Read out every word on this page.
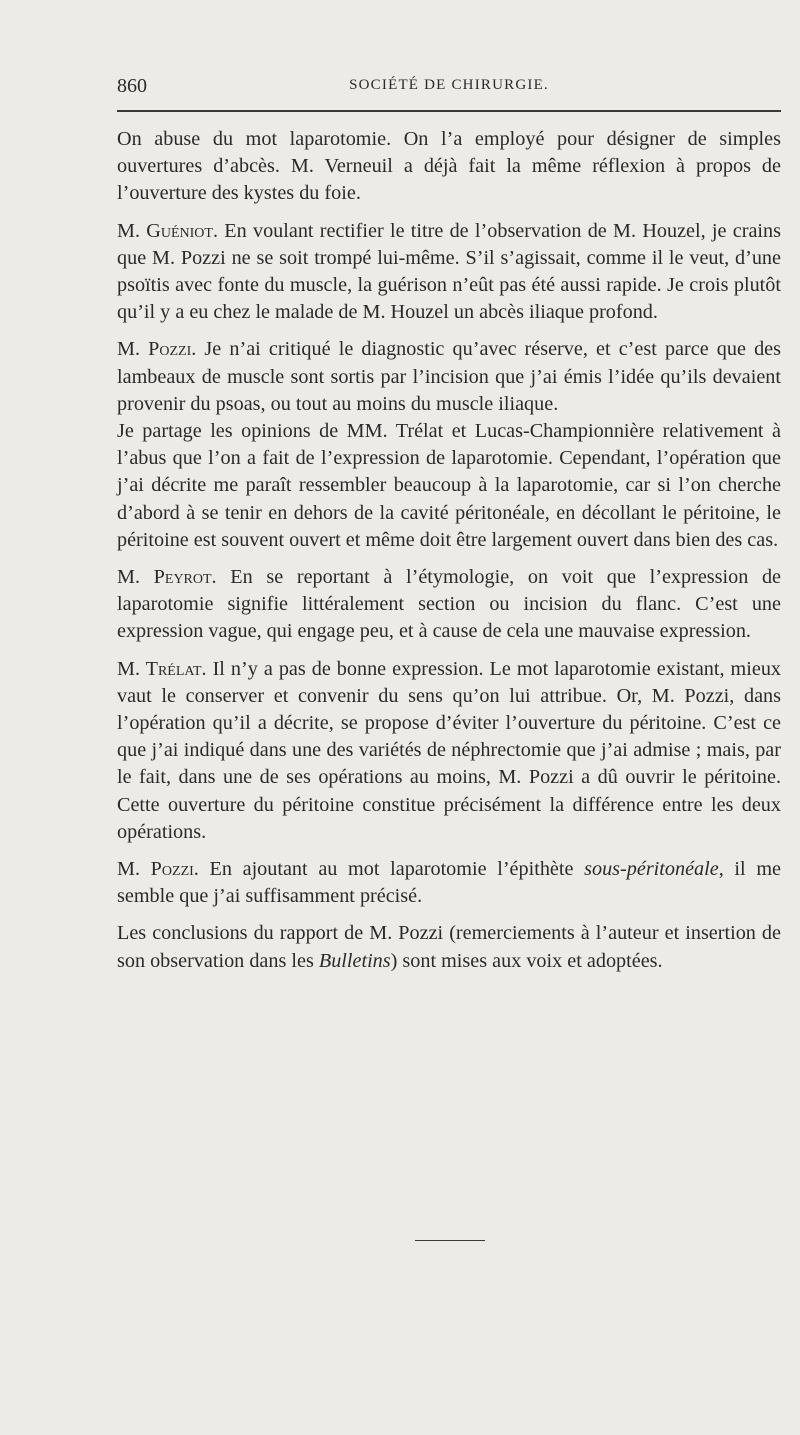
860	SOCIÉTÉ DE CHIRURGIE.

On abuse du mot laparotomie. On l’a employé pour désigner de simples ouvertures d’abcès. M. Verneuil a déjà fait la même réflexion à propos de l’ouverture des kystes du foie.

M. Guéniot. En voulant rectifier le titre de l’observation de M. Houzel, je crains que M. Pozzi ne se soit trompé lui-même. S’il s’agissait, comme il le veut, d’une psoïtis avec fonte du muscle, la guérison n’eût pas été aussi rapide. Je crois plutôt qu’il y a eu chez le malade de M. Houzel un abcès iliaque profond.

M. Pozzi. Je n’ai critiqué le diagnostic qu’avec réserve, et c’est parce que des lambeaux de muscle sont sortis par l’incision que j’ai émis l’idée qu’ils devaient provenir du psoas, ou tout au moins du muscle iliaque.

Je partage les opinions de MM. Trélat et Lucas-Championnière relativement à l’abus que l’on a fait de l’expression de laparotomie. Cependant, l’opération que j’ai décrite me paraît ressembler beaucoup à la laparotomie, car si l’on cherche d’abord à se tenir en dehors de la cavité péritonéale, en décollant le péritoine, le péritoine est souvent ouvert et même doit être largement ouvert dans bien des cas.

M. Peyrot. En se reportant à l’étymologie, on voit que l’expression de laparotomie signifie littéralement section ou incision du flanc. C’est une expression vague, qui engage peu, et à cause de cela une mauvaise expression.

M. Trélat. Il n’y a pas de bonne expression. Le mot laparotomie existant, mieux vaut le conserver et convenir du sens qu’on lui attribue. Or, M. Pozzi, dans l’opération qu’il a décrite, se propose d’éviter l’ouverture du péritoine. C’est ce que j’ai indiqué dans une des variétés de néphrectomie que j’ai admise ; mais, par le fait, dans une de ses opérations au moins, M. Pozzi a dû ouvrir le péritoine. Cette ouverture du péritoine constitue précisément la différence entre les deux opérations.

M. Pozzi. En ajoutant au mot laparotomie l’épithète sous-péritonéale, il me semble que j’ai suffisamment précisé.

Les conclusions du rapport de M. Pozzi (remerciements à l’auteur et insertion de son observation dans les Bulletins) sont mises aux voix et adoptées.
